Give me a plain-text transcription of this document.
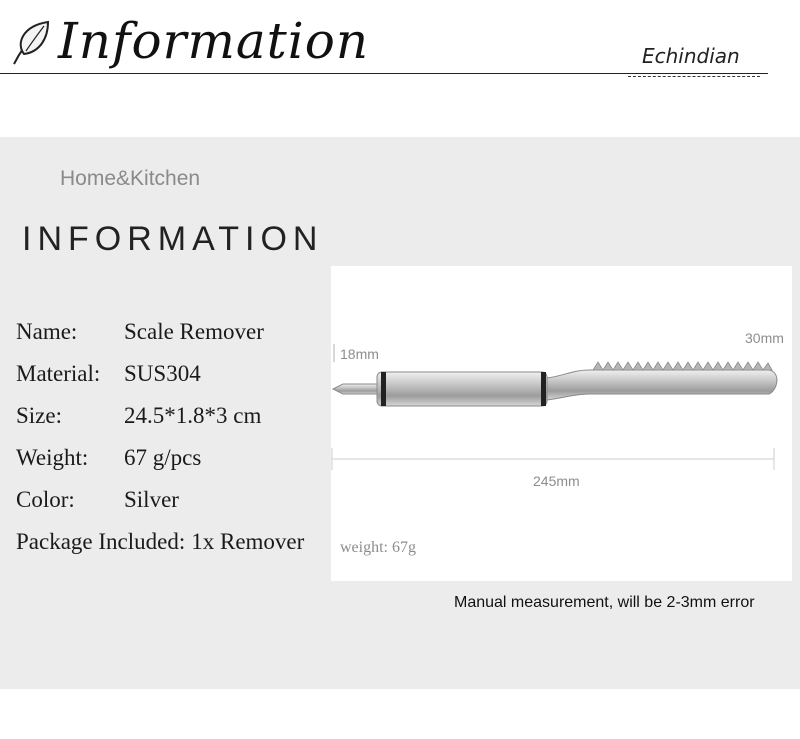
Information	Echindian
Home&Kitchen
INFORMATION
Name: Scale Remover
Material: SUS304
Size:	24.5*1.8*3 cm
Weight: 67 g/pcs
Color: Silver
Package Included: 1x Remover
18mm
30mm
245mm
weight: 67g
Manual measurement, will be 2-3mm error
